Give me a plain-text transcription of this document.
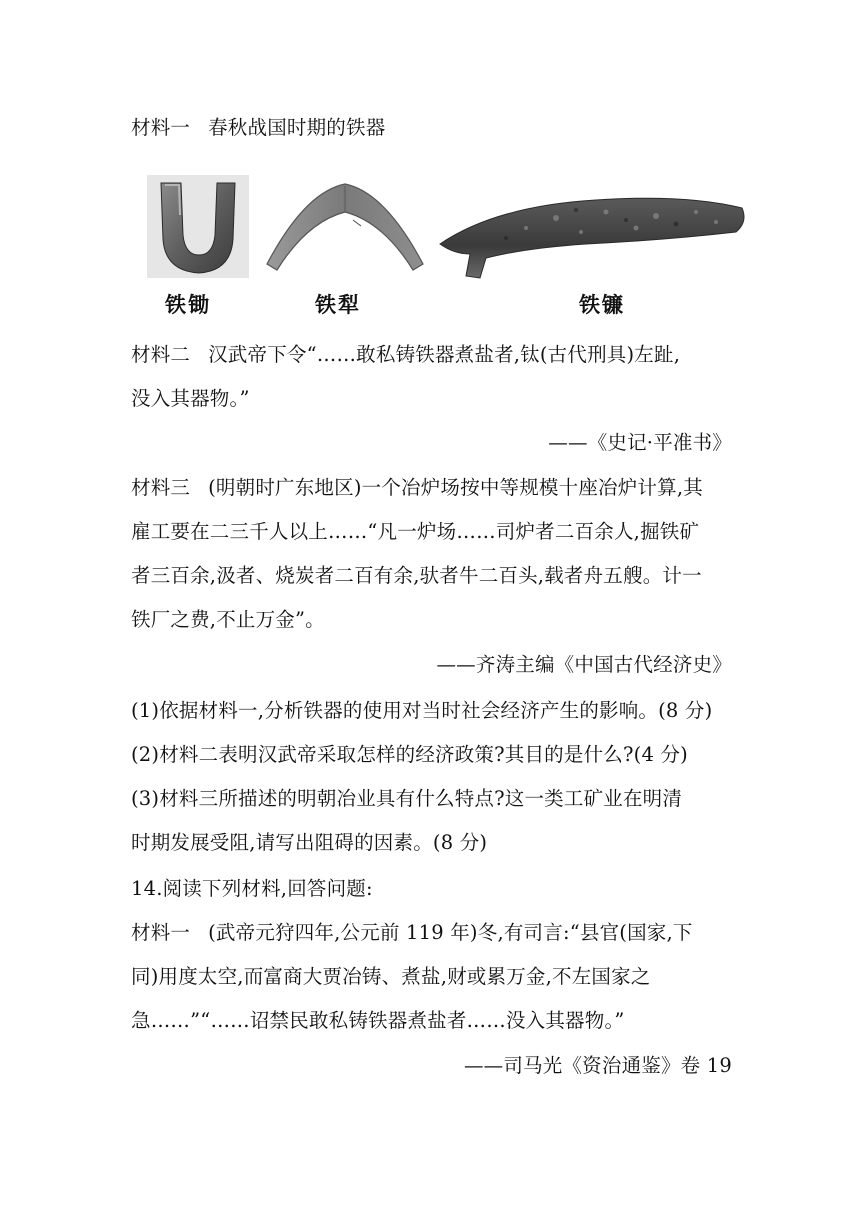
材料一 春秋战国时期的铁器
铁锄	铁犁	铁镰
材料二 汉武帝下令“……敢私铸铁器煮盐者,钛(古代刑具)左趾,
没入其器物。”
——《史记·平准书》
材料三 (明朝时广东地区)一个冶炉场按中等规模十座冶炉计算,其
雇工要在二三千人以上……“凡一炉场……司炉者二百余人,掘铁矿
者三百余,汲者、烧炭者二百有余,驮者牛二百头,载者舟五艘。计一
铁厂之费,不止万金”。
——齐涛主编《中国古代经济史》
(1)依据材料一,分析铁器的使用对当时社会经济产生的影响。(8 分)
(2)材料二表明汉武帝采取怎样的经济政策?其目的是什么?(4 分)
(3)材料三所描述的明朝冶业具有什么特点?这一类工矿业在明清
时期发展受阻,请写出阻碍的因素。(8 分)
14.阅读下列材料,回答问题:
材料一 (武帝元狩四年,公元前 119 年)冬,有司言:“县官(国家,下
同)用度太空,而富商大贾冶铸、煮盐,财或累万金,不左国家之
急……”“……诏禁民敢私铸铁器煮盐者……没入其器物。”
——司马光《资治通鉴》卷 19
